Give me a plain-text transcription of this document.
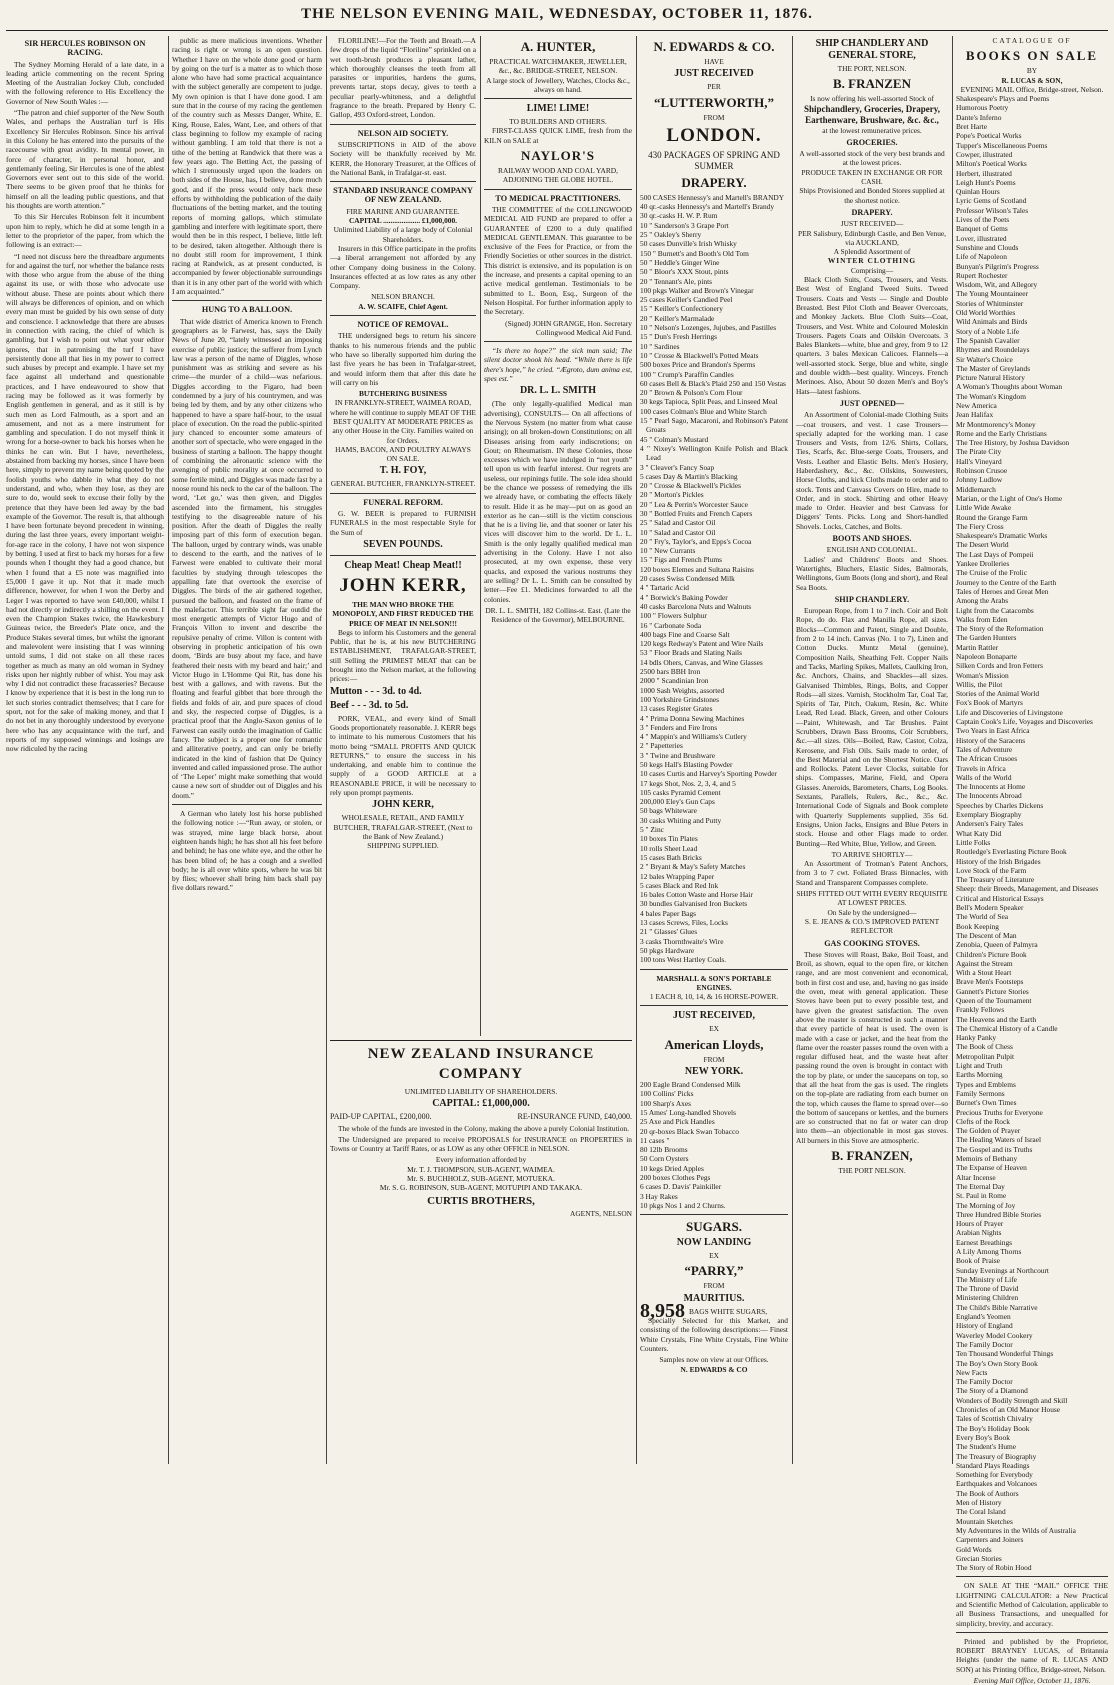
THE NELSON EVENING MAIL, WEDNESDAY, OCTOBER 11, 1876.
SIR HERCULES ROBINSON ON RACING.

The Sydney Morning Herald of a late date, in a leading article commenting on the recent Spring Meeting of the Australian Jockey Club, concluded with the following reference to His Excellency the Governor of New South Wales :—

“The patron and chief supporter of the New South Wales, and perhaps the Australian turf is His Excellency Sir Hercules Robinson. Since his arrival in this Colony he has entered into the pursuits of the racecourse with great avidity. In mental power, in force of character, in personal honor, and gentlemanly feeling, Sir Hercules is one of the ablest Governors ever sent out to this side of the world. There seems to be given proof that he thinks for himself on all the leading public questions, and that his thoughts are worth attention.”

To this Sir Hercules Robinson felt it incumbent upon him to reply, which he did at some length in a letter to the proprietor of the paper, from which the following is an extract:—

“I need not discuss here the threadbare arguments for and against the turf, nor whether the balance rests with those who argue from the abuse of the thing against its use, or with those who advocate use without abuse. These are points about which there will always be differences of opinion, and on which every man must be guided by his own sense of duty and conscience. I acknowledge that there are abuses in connection with racing, the chief of which is gambling, but I wish to point out what your editor ignores, that in patronising the turf I have persistently done all that lies in my power to correct such abuses by precept and example. I have set my face against all underhand and questionable practices, and I have endeavoured to show that racing may be followed as it was formerly by English gentlemen in general, and as it still is by such men as Lord Falmouth, as a sport and an amusement, and not as a mere instrument for gambling and speculation. I do not myself think it wrong for a horse-owner to back his horses when he thinks he can win. But I have, nevertheless, abstained from backing my horses, since I have been here, simply to prevent my name being quoted by the foolish youths who dabble in what they do not understand, and who, when they lose, as they are sure to do, would seek to excuse their folly by the pretence that they have been led away by the bad example of the Governor. The result is, that although I have been fortunate beyond precedent in winning, during the last three years, every important weight-for-age race in the colony, I have not won sixpence by betting. I used at first to back my horses for a few pounds when I thought they had a good chance, but when I found that a £5 note was magnified into £5,000 I gave it up. Not that it made much difference, however, for when I won the Derby and Leger I was reported to have won £40,000, whilst I had not directly or indirectly a shilling on the event. I even the Champion Stakes twice, the Hawkesbury Guineas twice, the Breeder's Plate once, and the Produce Stakes several times, but whilst the ignorant and malevolent were insisting that I was winning untold sums, I did not stake on all these races together as much as many an old woman in Sydney risks upon her nightly rubber of whist. You may ask why I did not contradict these fracasseries? Because I know by experience that it is best in the long run to let such stories contradict themselves; that I care for sport, not for the sake of making money, and that I do not bet in any thoroughly understood by everyone here who has any acquaintance with the turf, and reports of my supposed winnings and losings are now ridiculed by the racing

public as mere malicious inventions. Whether racing is right or wrong is an open question. Whether I have on the whole done good or harm by going on the turf is a matter as to which those alone who have had some practical acquaintance with the subject generally are competent to judge. My own opinion is that I have done good. I am sure that in the course of my racing the gentlemen of the country such as Messrs Danger, White, E. King, Rouse, Eales, Want, Lee, and others of that class beginning to follow my example of racing without gambling. I am told that there is not a tithe of the betting at Randwick that there was a few years ago. The Betting Act, the passing of which I strenuously urged upon the leaders on both sides of the House, has, I believe, done much good, and if the press would only back these efforts by withholding the publication of the daily fluctuations of the betting market, and the touting reports of morning gallops, which stimulate gambling and interfere with legitimate sport, there would then be in this respect, I believe, little left to be desired, taken altogether. Although there is no doubt still room for improvement, I think racing at Randwick, as at present conducted, is accompanied by fewer objectionable surroundings than it is in any other part of the world with which I am acquainted.”

HUNG TO A BALLOON.

That wide district of America known to French geographers as le Farwest, has, says the Daily News of June 20, “lately witnessed an imposing exercise of public justice; the sufferer from Lynch law was a person of the name of Diggles, whose punishment was as striking and severe as his crime—the murder of a child—was nefarious. Diggles according to the Figaro, had been condemned by a jury of his countrymen, and was being led by them, and by any other citizens who happened to have a spare half-hour, to the usual place of execution. On the road the public-spirited jury chanced to encounter some amateurs of another sort of spectacle, who were engaged in the business of starting a balloon. The happy thought of combining the aëronautic science with the avenging of public morality at once occurred to some fertile mind, and Diggles was made fast by a noose round his neck to the car of the balloon. The word, ‘Let go,’ was then given, and Diggles ascended into the firmament, his struggles testifying to the disagreeable nature of his position. After the death of Diggles the really imposing part of this form of execution began. The balloon, urged by contrary winds, was unable to descend to the earth, and the natives of le Farwest were enabled to cultivate their moral faculties by studying through telescopes the appalling fate that overtook the exercise of Diggles. The birds of the air gathered together, pursued the balloon, and feasted on the frame of the malefactor. This terrible sight far outdid the most energetic attempts of Victor Hugo and of François Villon to invent and describe the repulsive penalty of crime. Villon is content with observing in prophetic anticipation of his own doom, ‘Birds are busy about my face, and have feathered their nests with my beard and hair;’ and Victor Hugo in L'Homme Qui Rit, has done his best with a gallows, and with ravens. But the floating and fearful gibbet that bore through the fields and folds of air, and pure spaces of cloud and sky, the respected corpse of Diggles, is a practical proof that the Anglo-Saxon genius of le Farwest can easily outdo the imagination of Gallic fancy. The subject is a proper one for romantic and alliterative poetry, and can only be briefly indicated in the kind of fashion that De Quincy invented and called impassioned prose. The author of ‘The Leper’ might make something that would cause a new sort of shudder out of Diggles and his doom.”

A German who lately lost his horse published the following notice :—“Run away, or stolen, or was strayed, mine large black horse, about eighteen hands high; he has shot all his feet before and behind; he has one white eye, and the other he has been blind of; he has a cough and a swelled body; he is all over white spots, where he was bit by flies; whoever shall bring him back shall pay five dollars reward.”

FLORILINE!—For the Teeth and Breath.—A few drops of the liquid “Floriline” sprinkled on a wet tooth-brush produces a pleasant lather, which thoroughly cleanses the teeth from all parasites or impurities, hardens the gums, prevents tartar, stops decay, gives to teeth a peculiar pearly-whiteness, and a delightful fragrance to the breath. Prepared by Henry C. Gallop, 493 Oxford-street, London.

NELSON AID SOCIETY.

SUBSCRIPTIONS in AID of the above Society will be thankfully received by Mr. KERR, the Honorary Treasurer, at the Offices of the National Bank, in Trafalgar-st. east.

STANDARD INSURANCE COMPANY OF NEW ZEALAND.
FIRE MARINE AND GUARANTEE.
CAPITAL .................... £1,000,000.
Unlimited Liability of a large body of Colonial Shareholders.

Insurers in this Office participate in the profits—a liberal arrangement not afforded by any other Company doing business in the Colony. Insurances effected at as low rates as any other Company.

NELSON BRANCH.
A. W. SCAIFE, Chief Agent.
NOTICE OF REMOVAL.

THE undersigned begs to return his sincere thanks to his numerous friends and the public who have so liberally supported him during the last five years he has been in Trafalgar-street, and would inform them that after this date he will carry on his

BUTCHERING BUSINESS
IN FRANKLYN-STREET, WAIMEA ROAD, where he will continue to supply MEAT OF THE BEST QUALITY AT MODERATE PRICES as any other House in the City. Families waited on for Orders.
HAMS, BACON, AND POULTRY ALWAYS ON SALE.
T. H. FOY,
GENERAL BUTCHER, FRANKLYN-STREET.
FUNERAL REFORM.

G. W. BEER is prepared to FURNISH FUNERALS in the most respectable Style for the Sum of

SEVEN POUNDS.
Cheap Meat! Cheap Meat!!
JOHN KERR,
THE MAN WHO BROKE THE MONOPOLY, AND FIRST REDUCED THE PRICE OF MEAT IN NELSON!!!

Begs to inform his Customers and the general Public, that he is, at his new BUTCHERING ESTABLISHMENT, TRAFALGAR-STREET, still Selling the PRIMEST MEAT that can be brought into the Nelson market, at the following prices:—

Mutton - - - 3d. to 4d.
Beef - - - 3d. to 5d.

PORK, VEAL, and every kind of Small Goods proportionately reasonable. J. KERR begs to intimate to his numerous Customers that his motto being “SMALL PROFITS AND QUICK RETURNS,” to ensure the success in his undertaking, and enable him to continue the supply of a GOOD ARTICLE at a REASONABLE PRICE, it will be necessary to rely upon prompt payments.

JOHN KERR,
WHOLESALE, RETAIL, AND FAMILY BUTCHER, TRAFALGAR-STREET, (Next to the Bank of New Zealand.)
SHIPPING SUPPLIED.
A. HUNTER,
PRACTICAL WATCHMAKER, JEWELLER, &c., &c. BRIDGE-STREET, NELSON.
A large stock of Jewellery, Watches, Clocks &c., always on hand.
LIME! LIME!
TO BUILDERS AND OTHERS.

FIRST-CLASS QUICK LIME, fresh from the KILN on SALE at

NAYLOR'S
RAILWAY WOOD AND COAL YARD, ADJOINING THE GLOBE HOTEL.
TO MEDICAL PRACTITIONERS.

THE COMMITTEE of the COLLINGWOOD MEDICAL AID FUND are prepared to offer a GUARANTEE of £200 to a duly qualified MEDICAL GENTLEMAN. This guarantee to be exclusive of the Fees for Practice, or from the Friendly Societies or other sources in the district. This district is extensive, and its population is on the increase, and presents a capital opening to an active medical gentleman. Testimonials to be submitted to L. Boon, Esq., Surgeon of the Nelson Hospital. For further information apply to the Secretary.

(Signed) JOHN GRANGE, Hon. Secretary Collingwood Medical Aid Fund.

“Is there no hope?” the sick man said; The silent doctor shook his head. “While there is life there's hope,” he cried. “Ægroto, dum anima est, spes est.”

DR. L. L. SMITH

(The only legally-qualified Medical man advertising), CONSULTS— On all affections of the Nervous System (no matter from what cause arising); on all broken-down Constitutions; on all Diseases arising from early indiscretions; on Gout; on Rheumatism. IN these Colonies, those excesses which we have indulged in “not youth” tell upon us with fearful interest. Our regrets are useless, our repinings futile. The sole idea should be the chance we possess of remedying the ills we already have, or combating the effects likely to result. Hide it as he may—put on as good an exterior as he can—still is the victim conscious that he is a living lie, and that sooner or later his vices will discover him to the world. Dr L. L. Smith is the only legally qualified medical man advertising in the Colony. Have I not also prosecuted, at my own expense, these very quacks, and exposed the various nostrums they are selling? Dr L. L. Smith can be consulted by letter—Fee £1. Medicines forwarded to all the colonies.

DR. L. L. SMITH, 182 Collins-st. East. (Late the Residence of the Governor), MELBOURNE.
NEW ZEALAND INSURANCE COMPANY
UNLIMITED LIABILITY OF SHAREHOLDERS.
CAPITAL: £1,000,000.
PAID-UP CAPITAL, £200,000.	RE-INSURANCE FUND, £40,000.

The whole of the funds are invested in the Colony, making the above a purely Colonial Institution.

The Undersigned are prepared to receive PROPOSALS for INSURANCE on PROPERTIES in Towns or Country at Tariff Rates, or as LOW as any other OFFICE in NELSON.

Every information afforded by
Mr. T. J. THOMPSON, SUB-AGENT, WAIMEA.
Mr. S. BUCHHOLZ, SUB-AGENT, MOTUEKA.
Mr. S. G. ROBINSON, SUB-AGENT, MOTUPIPI AND TAKAKA.
CURTIS BROTHERS,
AGENTS, NELSON
N. EDWARDS & CO.
HAVE
JUST RECEIVED
PER
“LUTTERWORTH,”
FROM
LONDON.
430 PACKAGES OF SPRING AND SUMMER
DRAPERY.
500 CASES Hennessy's and Martell's BRANDY
40 qr.-casks Hennessy's and Martell's Brandy
30 qr.-casks H. W. P. Rum
10 " Sanderson's 3 Grape Port
25 " Oakley's Sherry
50 cases Dunville's Irish Whisky
150 " Burnett's and Booth's Old Tom
50 " Heddle's Ginger Wine
50 " Bloor's XXX Stout, pints
20 " Tennant's Ale, pints
100 pkgs Walker and Brown's Vinegar
25 cases Keiller's Candied Peel
15 " Keiller's Confectionery
20 " Keiller's Marmalade
10 " Nelson's Lozenges, Jujubes, and Pastilles
15 " Dun's Fresh Herrings
10 " Sardines
10 " Crosse & Blackwell's Potted Meats
500 boxes Price and Brandon's Sperms
100 " Crump's Paraffin Candles
60 cases Bell & Black's Plaid 250 and 150 Vestas
20 " Brown & Polson's Corn Flour
30 kegs Tapioca, Split Peas, and Linseed Meal
100 cases Colman's Blue and White Starch
15 " Pearl Sago, Macaroni, and Robinson's Patent Groats
45 " Colman's Mustard
4 " Nixey's Wellington Knife Polish and Black Lead
3 " Cleaver's Fancy Soap
5 cases Day & Martin's Blacking
20 " Crosse & Blackwell's Pickles
20 " Morton's Pickles
20 " Lea & Perrin's Worcester Sauce
30 " Bottled Fruits and French Capers
25 " Salad and Castor Oil
10 " Salad and Castor Oil
20 " Fry's, Taylor's, and Epps's Cocoa
10 " New Currants
15 " Figs and French Plums
120 boxes Elemes and Sultana Raisins
20 cases Swiss Condensed Milk
4 " Tartaric Acid
4 " Borwick's Baking Powder
40 casks Barcelona Nuts and Walnuts
100 " Flowers Sulphur
16 " Carbonate Soda
400 bags Fine and Coarse Salt
120 kegs Redway's Patent and Wire Nails
53 " Floor Brads and Slating Nails
14 bdls Ohers, Canvas, and Wine Glasses
2500 bars BBH Iron
2000 " Scandinian Iron
1000 Sash Weights, assorted
100 Yorkshire Grindstones
13 cases Register Grates
4 " Prima Donna Sewing Machines
3 " Fenders and Fire Irons
4 " Mappin's and Williams's Cutlery
2 " Papetteries
3 " Twine and Brushware
50 kegs Hall's Blasting Powder
10 cases Curtis and Harvey's Sporting Powder
17 kegs Shot, Nos. 2, 3, 4, and 5
105 casks Pyramid Cement
200,000 Eley's Gun Caps
50 bags Whiteware
30 casks Whiting and Putty
5 " Zinc
10 boxes Tin Plates
10 rolls Sheet Lead
15 cases Bath Bricks
2 " Bryant & May's Safety Matches
12 bales Wrapping Paper
5 cases Black and Red Ink
16 bales Cotton Waste and Horse Hair
30 bundles Galvanised Iron Buckets
4 bales Paper Bags
13 cases Screws, Files, Locks
21 " Glasses' Glues
3 casks Thornthwaite's Wire
50 pkgs Hardware
100 tons West Hartley Coals.
MARSHALL & SON'S PORTABLE ENGINES.
1 EACH 8, 10, 14, & 16 HORSE-POWER.
JUST RECEIVED,
EX
American Lloyds,
FROM
NEW YORK.
200 Eagle Brand Condensed Milk
100 Collins' Picks
100 Sharp's Axes
15 Ames' Long-handled Shovels
25 Axe and Pick Handles
20 qr-boxes Black Swan Tobacco
11 cases "
80 12lb Brooms
50 Corn Oysters
10 kegs Dried Apples
200 boxes Clothes Pegs
6 cases D. Davis' Painkiller
3 Hay Rakes
10 pkgs Nos 1 and 2 Churns.
SUGARS.
NOW LANDING
EX
“PARRY,”
FROM
MAURITIUS.
8,958 BAGS WHITE SUGARS,

Specially Selected for this Market, and consisting of the following descriptions:— Finest White Crystals, Fine White Crystals, Fine White Counters.

Samples now on view at our Offices.
N. EDWARDS & CO
SHIP CHANDLERY AND GENERAL STORE,
THE PORT, NELSON.
B. FRANZEN
Is now offering his well-assorted Stock of
Shipchandlery, Groceries, Drapery, Earthenware, Brushware, &c. &c.,
at the lowest remunerative prices.
GROCERIES.
A well-assorted stock of the very best brands and at the lowest prices.
PRODUCE TAKEN IN EXCHANGE OR FOR CASH.
Ships Provisioned and Bonded Stores supplied at the shortest notice.
DRAPERY.
JUST RECEIVED—
PER Salisbury, Edinburgh Castle, and Ben Venue, via AUCKLAND,
A Splendid Assortment of
WINTER CLOTHING
Comprising—

Black Cloth Suits, Coats, Trousers, and Vests. Best West of England Tweed Suits. Tweed Trousers. Coats and Vests — Single and Double Breasted. Best Pilot Cloth and Beaver Overcoats, and Monkey Jackets. Blue Cloth Suits—Coat, Trousers, and Vest. White and Coloured Moleskin Trousers. Pagets Coats and Oilskin Overcoats. 3 Bales Blankets—white, blue and grey, from 9 to 12 quarters. 3 bales Mexican Calicoes. Flannels—a well-assorted stock. Serge, blue and white, single and double width—best quality. Winceys. French Merinoes. Also, About 50 dozen Men's and Boy's Hats—latest fashions.

JUST OPENED—

An Assortment of Colonial-made Clothing Suits—coat trousers, and vest. 1 case Trousers—specially adapted for the working man. 1 case Trousers and Vests, from 12/6. Shirts, Collars, Ties, Scarfs, &c. Blue-serge Coats, Trousers, and Vests. Leather and Elastic Belts. Men's Hosiery, Haberdashery, &c., &c. Oilskins, Souwesters, Horse Cloths, and kick Cloths made to order and to stock. Tents and Canvass Covers on Hire, made to Order, and in stock. Shirting and other Heavy made to Order. Heavier and best Canvass for Diggers' Tents. Picks. Long and Short-handled Shovels. Locks, Catches, and Bolts.

BOOTS AND SHOES.
ENGLISH AND COLONIAL.

Ladies' and Childrens' Boots and Shoes. Watertights, Bluchers, Elastic Sides, Balmorals, Wellingtons, Gum Boots (long and short), and Real Sea Boots.

SHIP CHANDLERY.

European Rope, from 1 to 7 inch. Coir and Bolt Rope, do do. Flax and Manilla Rope, all sizes. Blocks—Common and Patent, Single and Double, from 2 to 14 inch. Canvas (No. 1 to 7), Linen and Cotton Ducks. Muntz Metal (genuine), Composition Nails, Sheathing Felt. Copper Nails and Tacks, Marling Spikes, Mallets, Caulking Iron, &c. Anchors, Chains, and Shackles—all sizes. Galvanised Thimbles, Rings, Bolts, and Copper Rods—all sizes. Varnish, Stockholm Tar, Coal Tar, Spirits of Tar, Pitch, Oakum, Resin, &c. White Lead, Red Lead. Black, Green, and other Colours—Paint, Whitewash, and Tar Brushes. Paint Scrubbers, Drawn Bass Brooms, Coir Scrubbers, &c.—all sizes. Oils—Boiled, Raw, Castor, Colza, Kerosene, and Fish Oils. Sails made to order, of the Best Material and on the Shortest Notice. Oars and Rollocks. Patent Lever Clocks, suitable for ships. Compasses, Marine, Field, and Opera Glasses. Aneroids, Barometers, Charts, Log Books. Sextants, Parallels, Rulers, &c., &c., &c. International Code of Signals and Book complete with Quarterly Supplements supplied, 35s 6d. Ensigns, Union Jacks, Ensigns and Blue Peters in stock. House and other Flags made to order. Bunting—Red White, Blue, Yellow, and Green.

TO ARRIVE SHORTLY—

An Assortment of Trotman's Patent Anchors, from 3 to 7 cwt. Foliated Brass Binnacles, with Stand and Transparent Compasses complete.

SHIPS FITTED OUT WITH EVERY REQUISITE AT LOWEST PRICES.
On Sale by the undersigned—
S. E. JEANS & CO.'S IMPROVED PATENT REFLECTOR
GAS COOKING STOVES.

These Stoves will Roast, Bake, Boil Toast, and Broil, as shown, equal to the open fire, or kitchen range, and are most convenient and economical, both in first cost and use, and, having no gas inside the oven, meat with general application. These Stoves have been put to every possible test, and have given the greatest satisfaction. The oven above the roaster is constructed in such a manner that every particle of heat is used. The oven is made with a case or jacket, and the heat from the flame over the roaster passes round the oven with a regular diffused heat, and the waste heat after passing round the oven is brought in contact with the top by plate, or under the saucepans on top, so that all the heat from the gas is used. The ringlets on the top-plate are radiating from each burner on the top, which causes the flame to spread over—so the bottom of saucepans or kettles, and the burners are so constructed that no fat or water can drop into them—an objectionable in most gas stoves. All burners in this Stove are atmospheric.

B. FRANZEN,
THE PORT NELSON.
CATALOGUE OF
BOOKS ON SALE
BY
R. LUCAS & SON,
EVENING MAIL Office, Bridge-street, Nelson.
Shakespeare's Plays and Poems
Humorous Poetry
Dante's Inferno
Bret Harte
Pope's Poetical Works
Tupper's Miscellaneous Poems
Cowper, illustrated
Milton's Poetical Works
Herbert, illustrated
Leigh Hunt's Poems
Quinlan Hours
Lyric Gems of Scotland
Professor Wilson's Tales
Lives of the Poets
Banquet of Gems
Lover, illustrated
Sunshine and Clouds
Life of Napoleon
Bunyan's Pilgrim's Progress
Rupert Rochester
Wisdom, Wit, and Allegory
The Young Mountaineer
Stories of Whitminster
Old World Worthies
Wild Animals and Birds
Story of a Noble Life
The Spanish Cavalier
Rhymes and Roundelays
Sir Walter's Choice
The Master of Greylands
Picture Natural History
A Woman's Thoughts about Woman
The Woman's Kingdom
New America
Jean Halifax
Mr Montmorency's Money
Rome and the Early Christians
The Tree History, by Joshua Davidson
The Pirate City
Hall's Vineyard
Robinson Crusoe
Johnny Ludlow
Middlemarch
Marian, or the Light of One's Home
Little Wide Awake
Round the Grange Farm
The Fiery Cross
Shakespeare's Dramatic Works
The Desert World
The Last Days of Pompeii
Yankee Drolleries
The Cruise of the Frolic
Journey to the Centre of the Earth
Tales of Heroes and Great Men
Among the Arabs
Light from the Catacombs
Walks from Eden
The Story of the Reformation
The Garden Hunters
Martin Rattler
Napoleon Bonaparte
Silken Cords and Iron Fetters
Woman's Mission
Willis, the Pilot
Stories of the Animal World
Fox's Book of Martyrs
Life and Discoveries of Livingstone
Captain Cook's Life, Voyages and Discoveries
Two Years in East Africa
History of the Saracens
Tales of Adventure
The African Crusoes
Travels in Africa
Walls of the World
The Innocents at Home
The Innocents Abroad
Speeches by Charles Dickens
Exemplary Biography
Andersen's Fairy Tales
What Katy Did
Little Folks
Routledge's Everlasting Picture Book
History of the Irish Brigades
Love Stock of the Farm
The Treasury of Literature
Sheep: their Breeds, Management, and Diseases
Critical and Historical Essays
Bell's Modern Speaker
The World of Sea
Book Keeping
The Descent of Man
Zenobia, Queen of Palmyra
Children's Picture Book
Against the Stream
With a Stout Heart
Brave Men's Footsteps
Gannett's Picture Stories
Queen of the Tournament
Frankly Fellows
The Heavens and the Earth
The Chemical History of a Candle
Hanky Panky
The Book of Chess
Metropolitan Pulpit
Light and Truth
Earths Morning
Types and Emblems
Family Sermons
Burnet's Own Times
Precious Truths for Everyone
Clefts of the Rock
The Golden of Prayer
The Healing Waters of Israel
The Gospel and its Truths
Memoirs of Bethany
The Expanse of Heaven
Altar Incense
The Eternal Day
St. Paul in Rome
The Morning of Joy
Three Hundred Bible Stories
Hours of Prayer
Arabian Nights
Earnest Breathings
A Lily Among Thorns
Book of Praise
Sunday Evenings at Northcourt
The Ministry of Life
The Throne of David
Ministering Children
The Child's Bible Narrative
England's Yeomen
History of England
Waverley Model Cookery
The Family Doctor
Ten Thousand Wonderful Things
The Boy's Own Story Book
New Facts
The Family Doctor
The Story of a Diamond
Wonders of Bodily Strength and Skill
Chronicles of an Old Manor House
Tales of Scottish Chivalry
The Boy's Holiday Book
Every Boy's Book
The Student's Hume
The Treasury of Biography
Standard Plays Readings
Something for Everybody
Earthquakes and Volcanoes
The Book of Authors
Men of History
The Coral Island
Mountain Sketches
My Adventures in the Wilds of Australia
Carpenters and Joiners
Gold Words
Grecian Stories
The Story of Robin Hood

ON SALE AT THE “MAIL” OFFICE THE LIGHTNING CALCULATOR: a New Practical and Scientific Method of Calculation, applicable to all Business Transactions, and unequalled for simplicity, brevity, and accuracy.

Printed and published by the Proprietor, ROBERT BRAYNEY LUCAS, of Britannia Heights (under the name of R. LUCAS AND SON) at his Printing Office, Bridge-street, Nelson.

Evening Mail Office, October 11, 1876.
